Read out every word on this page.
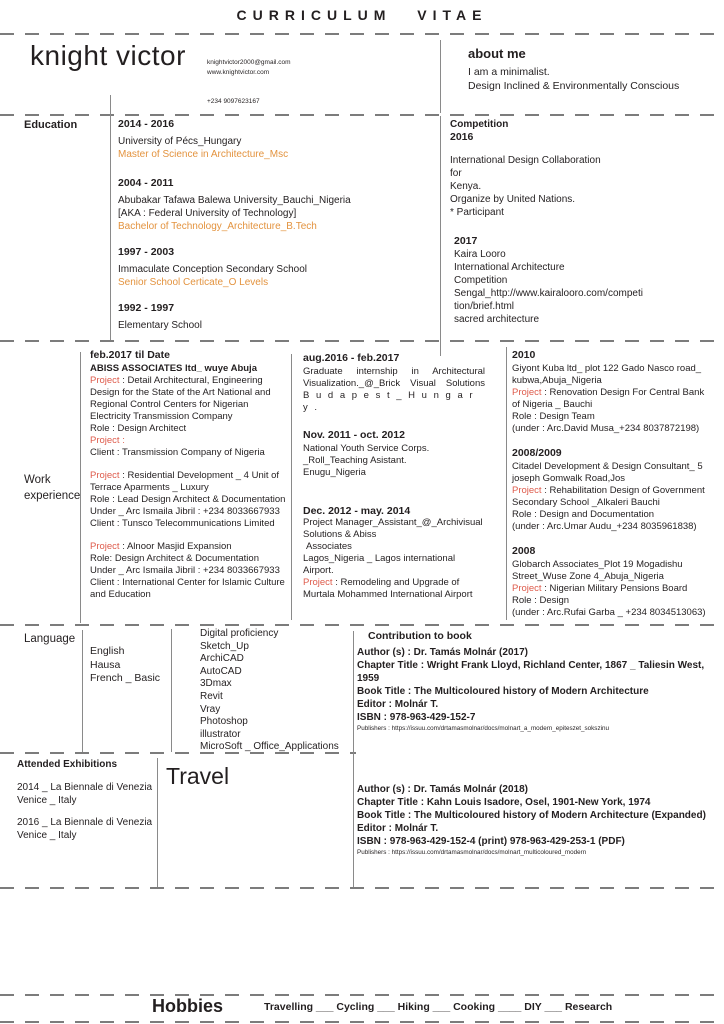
CURRICULUM VITAE
knight victor	knightvictor2000@gmail.com
www.knightvictor.com
+234 9097623167
about me
I am a minimalist.
Design Inclined & Environmentally Conscious
Education	2014 - 2016
University of Pécs_Hungary
Master of Science in Architecture_Msc
2004 - 2011
Abubakar Tafawa Balewa University_Bauchi_Nigeria
[AKA : Federal University of Technology]
Bachelor of Technology_Architecture_B.Tech
1997 - 2003
Immaculate Conception Secondary School
Senior School Certicate_O Levels
1992 - 1997
Elementary School
Competition
2016
International Design Collaboration
for
Kenya.
Organize by United Nations.
* Participant
2017
Kaira Looro
International Architecture
Competition
Sengal_http://www.kairalooro.com/competi
tion/brief.html
sacred architecture
Work
experience
feb.2017 til Date
ABISS ASSOCIATES ltd_ wuye Abuja
Project : Detail Architectural, Engineering Design for the State of the Art National and Regional Control Centers for Nigerian Electricity Transmission Company
Role : Design Architect
Project :
Client : Transmission Company of Nigeria
Project : Residential Development _ 4 Unit of Terrace Aparments _ Luxury
Role : Lead Design Architect & Documentation
Under _ Arc Ismaila Jibril : +234 8033667933
Client : Tunsco Telecommunications Limited
Project : Alnoor Masjid Expansion
Role: Design Architect & Documentation
Under _ Arc Ismaila Jibril : +234 8033667933
Client : International Center for Islamic Culture and Education
aug.2016 - feb.2017
Graduate internship in Architectural Visualization._@_Brick Visual Solutions
B u d a p e s t _ H u n g a r y .
Nov. 2011 - oct. 2012
National Youth Service Corps.
_Roll_Teaching Asistant.
Enugu_Nigeria
Dec. 2012 - may. 2014
Project Manager_Assistant_@_Archivisual
Solutions & Abiss
Associates
Lagos_Nigeria _ Lagos international Airport.
Project : Remodeling and Upgrade of Murtala Mohammed International Airport
2010
Giyont Kuba ltd_ plot 122 Gado Nasco road_ kubwa,Abuja_Nigeria
Project : Renovation Design For Central Bank of Nigeria _ Bauchi
Role : Design Team
(under : Arc.David Musa_+234 8037872198)
2008/2009
Citadel Development & Design Consultant_ 5 joseph Gomwalk Road,Jos
Project : Rehabilitation Design of Government Secondary School _Alkaleri Bauchi
Role : Design and Documentation
(under : Arc.Umar Audu_+234 8035961838)
2008
Globarch Associates_Plot 19 Mogadishu Street_Wuse Zone 4_Abuja_Nigeria
Project : Nigerian Military Pensions Board
Role : Design
(under : Arc.Rufai Garba _ +234 8034513063)
Language
English
Hausa
French _ Basic
Digital proficiency
Sketch_Up
ArchiCAD
AutoCAD
3Dmax
Revit
Vray
Photoshop
illustrator
MicroSoft _ Office_Applications
Contribution to book
Author (s) : Dr. Tamás Molnár (2017)
Chapter Title : Wright Frank Lloyd, Richland Center, 1867 _ Taliesin West, 1959
Book Title : The Multicoloured history of Modern Architecture
Editor : Molnár T.
ISBN : 978-963-429-152-7
Publishers : https://issuu.com/drtamasmolnar/docs/molnart_a_modern_epiteszet_sokszinu
Author (s) : Dr. Tamás Molnár (2018)
Chapter Title : Kahn Louis Isadore, Osel, 1901-New York, 1974
Book Title : The Multicoloured history of Modern Architecture (Expanded)
Editor : Molnár T.
ISBN : 978-963-429-152-4 (print) 978-963-429-253-1 (PDF)
Publishers : https://issuu.com/drtamasmolnar/docs/molnart_multicoloured_modern
Attended Exhibitions
2014 _ La Biennale di Venezia
Venice _ Italy
2016 _ La Biennale di Venezia
Venice _ Italy
Travel
Hobbies	Travelling ___ Cycling ___ Hiking ___ Cooking ____ DIY ___ Research
